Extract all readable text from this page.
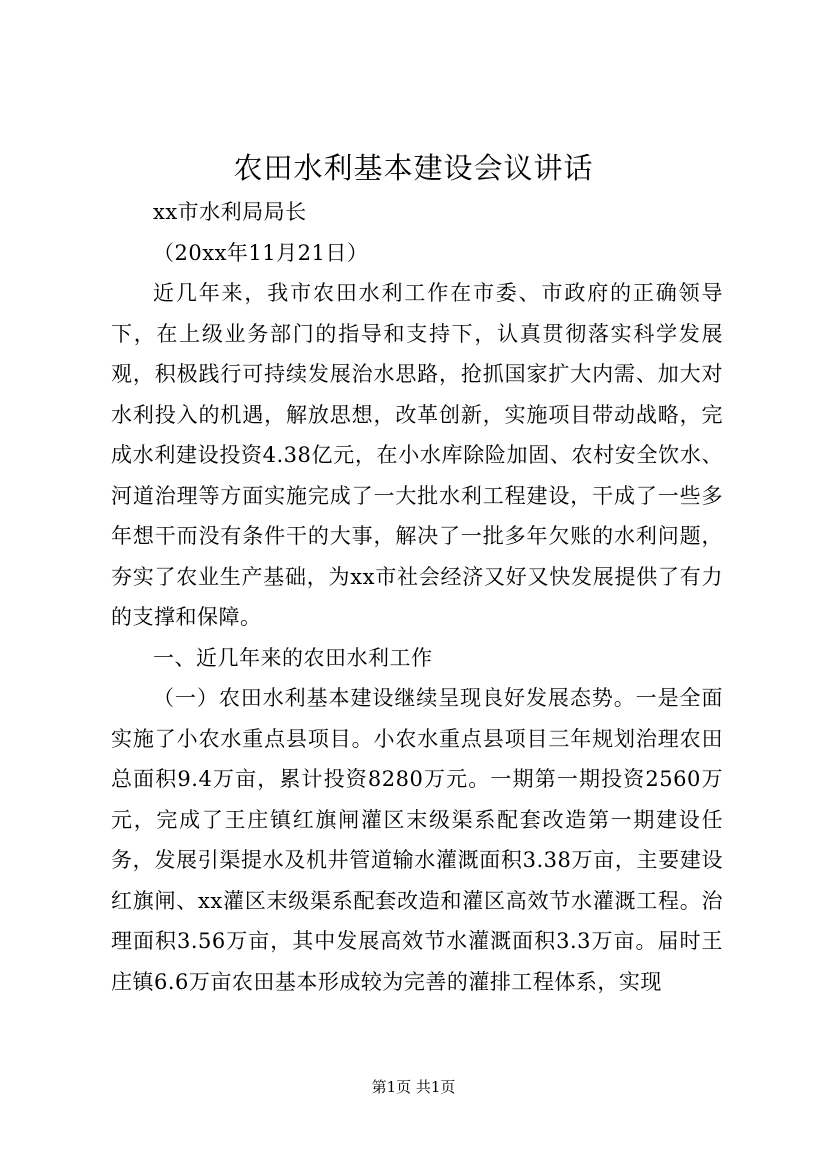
农田水利基本建设会议讲话

xx市水利局局长

（20xx年11月21日）

近几年来，我市农田水利工作在市委、市政府的正确领导下，在上级业务部门的指导和支持下，认真贯彻落实科学发展观，积极践行可持续发展治水思路，抢抓国家扩大内需、加大对水利投入的机遇，解放思想，改革创新，实施项目带动战略，完成水利建设投资4.38亿元，在小水库除险加固、农村安全饮水、河道治理等方面实施完成了一大批水利工程建设，干成了一些多年想干而没有条件干的大事，解决了一批多年欠账的水利问题，夯实了农业生产基础，为xx市社会经济又好又快发展提供了有力的支撑和保障。

一、近几年来的农田水利工作

（一）农田水利基本建设继续呈现良好发展态势。一是全面实施了小农水重点县项目。小农水重点县项目三年规划治理农田总面积9.4万亩，累计投资8280万元。一期第一期投资2560万元，完成了王庄镇红旗闸灌区末级渠系配套改造第一期建设任务，发展引渠提水及机井管道输水灌溉面积3.38万亩，主要建设红旗闸、xx灌区末级渠系配套改造和灌区高效节水灌溉工程。治理面积3.56万亩，其中发展高效节水灌溉面积3.3万亩。届时王庄镇6.6万亩农田基本形成较为完善的灌排工程体系，实现

第1页 共1页
